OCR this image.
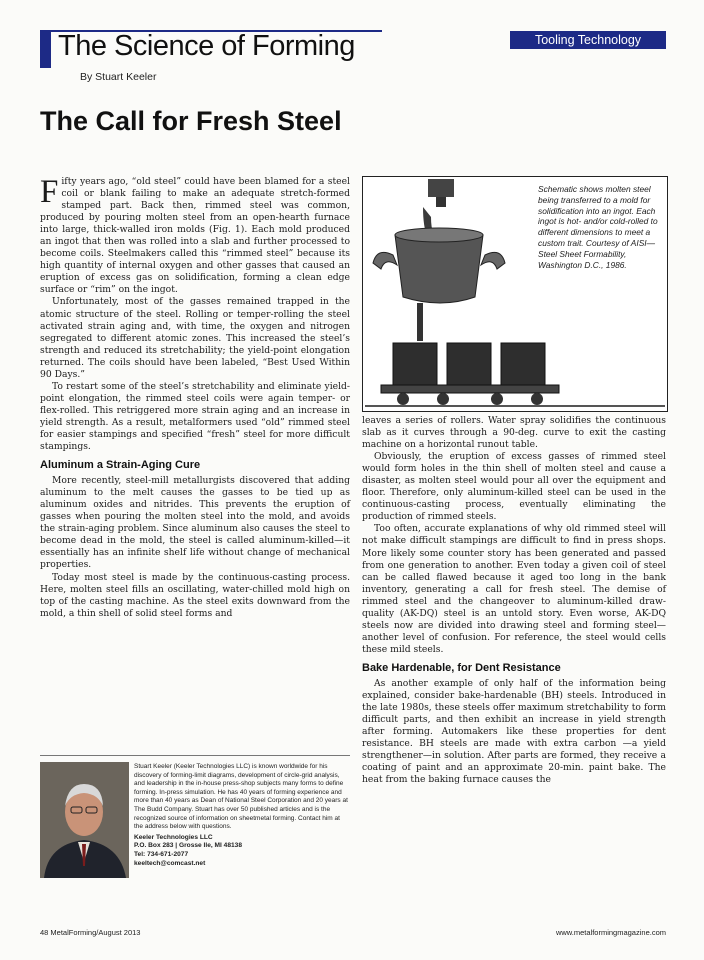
The Science of Forming
By Stuart Keeler
Tooling Technology
The Call for Fresh Steel

Fifty years ago, “old steel” could have been blamed for a steel coil or blank failing to make an adequate stretch-formed stamped part. Back then, rimmed steel was common, produced by pouring molten steel from an open-hearth furnace into large, thick-walled iron molds (Fig. 1). Each mold produced an ingot that then was rolled into a slab and further processed to become coils. Steelmakers called this “rimmed steel” because its high quantity of internal oxygen and other gasses that caused an eruption of excess gas on solidification, forming a clean edge surface or “rim” on the ingot.

Unfortunately, most of the gasses remained trapped in the atomic structure of the steel. Rolling or temper-rolling the steel activated strain aging and, with time, the oxygen and nitrogen segregated to different atomic zones. This increased the steel’s strength and reduced its stretchability; the yield-point elongation returned. The coils should have been labeled, “Best Used Within 90 Days.”

To restart some of the steel’s stretchability and eliminate yield-point elongation, the rimmed steel coils were again temper- or flex-rolled. This retriggered more strain aging and an increase in yield strength. As a result, metalformers used “old” rimmed steel for easier stampings and specified “fresh” steel for more difficult stampings.

Aluminum a Strain-Aging Cure

More recently, steel-mill metallurgists discovered that adding aluminum to the melt causes the gasses to be tied up as aluminum oxides and nitrides. This prevents the eruption of gasses when pouring the molten steel into the mold, and avoids the strain-aging problem. Since aluminum also causes the steel to become dead in the mold, the steel is called aluminum-killed—it essentially has an infinite shelf life without change of mechanical properties.

Today most steel is made by the continuous-casting process. Here, molten steel fills an oscillating, water-chilled mold high on top of the casting machine. As the steel exits downward from the mold, a thin shell of solid steel forms and

Schematic shows molten steel being transferred to a mold for solidification into an ingot. Each ingot is hot- and/or cold-rolled to different dimensions to meet a custom trait. Courtesy of AISI—Steel Sheet Formability, Washington D.C., 1986.

leaves a series of rollers. Water spray solidifies the continuous slab as it curves through a 90-deg. curve to exit the casting machine on a horizontal runout table.

Obviously, the eruption of excess gasses of rimmed steel would form holes in the thin shell of molten steel and cause a disaster, as molten steel would pour all over the equipment and floor. Therefore, only aluminum-killed steel can be used in the continuous-casting process, eventually eliminating the production of rimmed steels.

Too often, accurate explanations of why old rimmed steel will not make difficult stampings are difficult to find in press shops. More likely some counter story has been generated and passed from one generation to another. Even today a given coil of steel can be called flawed because it aged too long in the bank inventory, generating a call for fresh steel. The demise of rimmed steel and the changeover to aluminum-killed draw-quality (AK-DQ) steel is an untold story. Even worse, AK-DQ steels now are divided into drawing steel and forming steel—another level of confusion. For reference, the steel would cells these mild steels.

Bake Hardenable, for Dent Resistance

As another example of only half of the information being explained, consider bake-hardenable (BH) steels. Introduced in the late 1980s, these steels offer maximum stretchability to form difficult parts, and then exhibit an increase in yield strength after forming. Automakers like these properties for dent resistance. BH steels are made with extra carbon —a yield strengthener—in solution. After parts are formed, they receive a coating of paint and an approximate 20-min. paint bake. The heat from the baking furnace causes the

Stuart Keeler (Keeler Technologies LLC) is known worldwide for his discovery of forming-limit diagrams, development of circle-grid analysis, and leadership in the in-house press-shop subjects many forms to define forming. In-press simulation. He has 40 years of forming experience and more than 40 years as Dean of National Steel Corporation and 20 years at The Budd Company. Stuart has over 50 published articles and is the recognized source of information on sheetmetal forming. Contact him at the address below with questions.
Keeler Technologies LLC
P.O. Box 283 | Grosse Ile, MI 48138
Tel: 734-671-2077
keeltech@comcast.net
48 MetalForming/August 2013	www.metalformingmagazine.com
